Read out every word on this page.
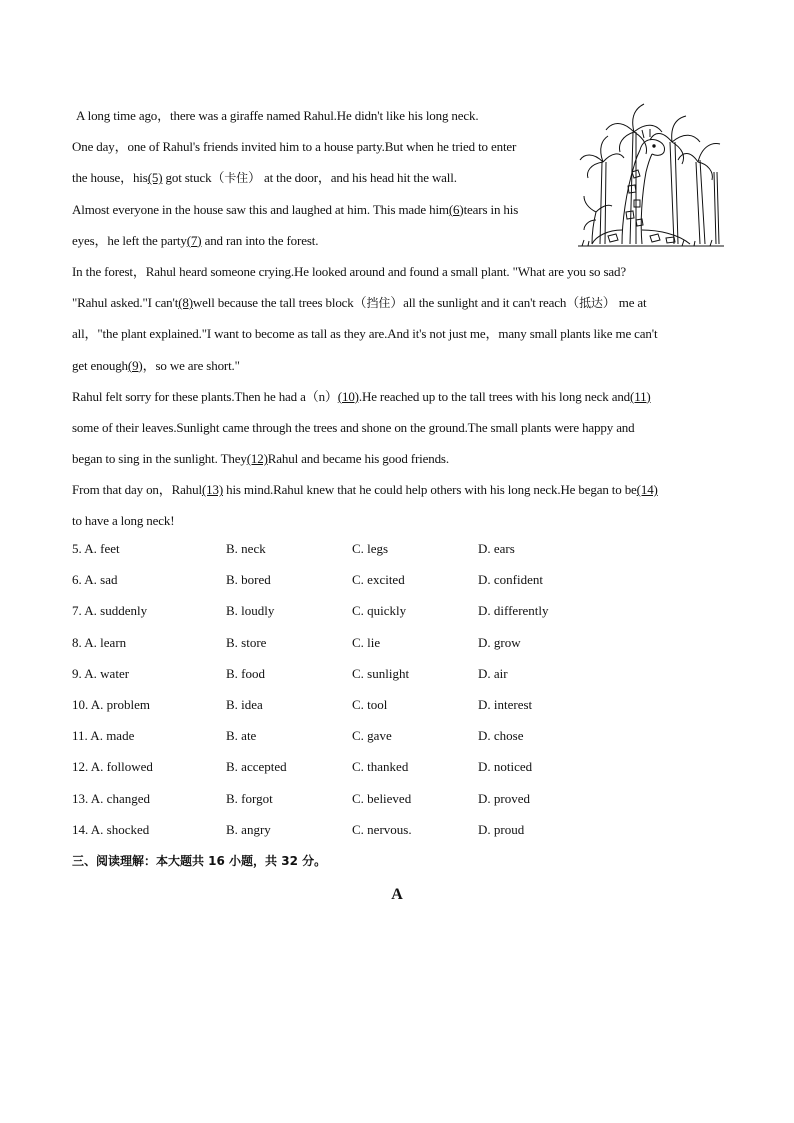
A long time ago，there was a giraffe named Rahul.He didn't like his long neck.
One day，one of Rahul's friends invited him to a house party.But when he tried to enter
the house，his(5) got stuck（卡住） at the door，and his head hit the wall.
Almost everyone in the house saw this and laughed at him. This made him(6)tears in his
eyes，he left the party(7) and ran into the forest.
In the forest，Rahul heard someone crying.He looked around and found a small plant. "What are you so sad?
"Rahul asked."I can't(8)well because the tall trees block（挡住）all the sunlight and it can't reach（抵达） me at
all，"the plant explained."I want to become as tall as they are.And it's not just me，many small plants like me can't
get enough(9)，so we are short."
Rahul felt sorry for these plants.Then he had a（n）(10).He reached up to the tall trees with his long neck and(11)
some of their leaves.Sunlight came through the trees and shone on the ground.The small plants were happy and
began to sing in the sunlight. They(12)Rahul and became his good friends.
From that day on，Rahul(13) his mind.Rahul knew that he could help others with his long neck.He began to be(14)
to have a long neck!
5. A. feet	B. neck	C. legs	D. ears
6. A. sad	B. bored	C. excited	D. confident
7. A. suddenly	B. loudly	C. quickly	D. differently
8. A. learn	B. store	C. lie	D. grow
9. A. water	B. food	C. sunlight	D. air
10. A. problem	B. idea	C. tool	D. interest
11. A. made	B. ate	C. gave	D. chose
12. A. followed	B. accepted	C. thanked	D. noticed
13. A. changed	B. forgot	C. believed	D. proved
14. A. shocked	B. angry	C. nervous.	D. proud
三、阅读理解：本大题共 16 小题，共 32 分。
A
